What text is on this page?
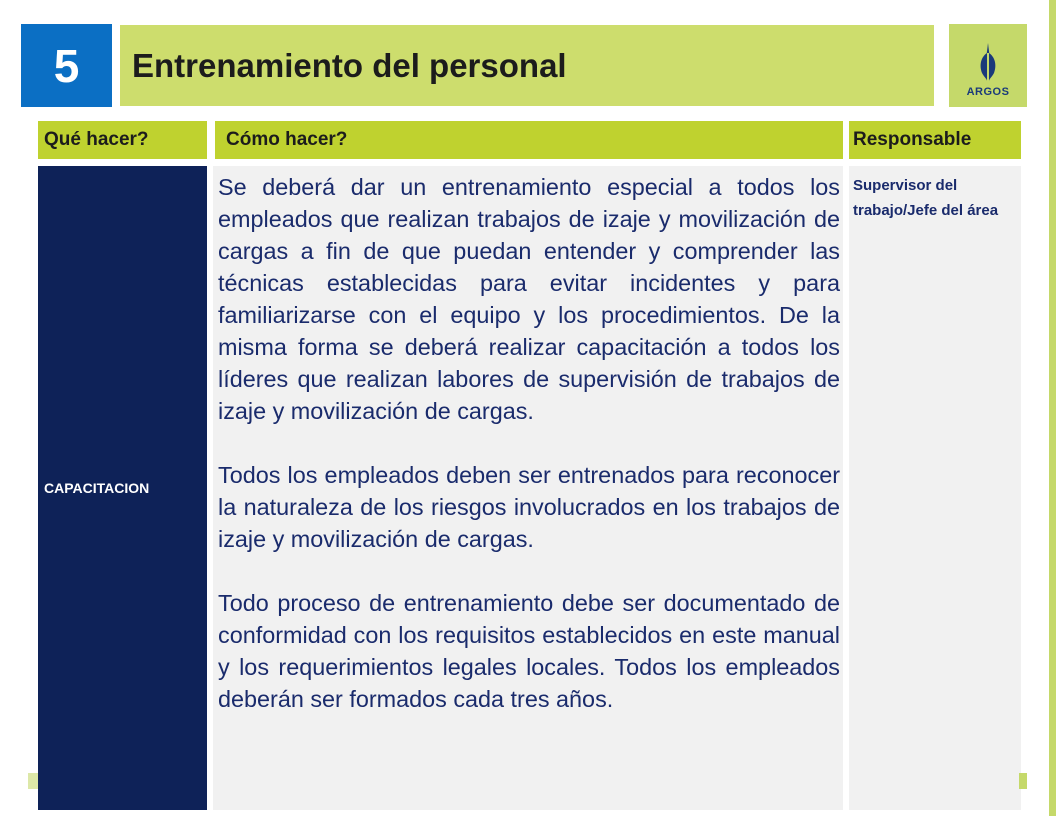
5 Entrenamiento del personal
ARGOS
Qué hacer?	Cómo hacer?	Responsable
CAPACITACION

Se deberá dar un entrenamiento especial a todos los empleados que realizan trabajos de izaje y movilización de cargas a fin de que puedan entender y comprender las técnicas establecidas para evitar incidentes y para familiarizarse con el equipo y los procedimientos. De la misma forma se deberá realizar capacitación a todos los líderes que realizan labores de supervisión de trabajos de izaje y movilización de cargas.

Todos los empleados deben ser entrenados para reconocer la naturaleza de los riesgos involucrados en los trabajos de izaje y movilización de cargas.

Todo proceso de entrenamiento debe ser documentado de conformidad con los requisitos establecidos en este manual y los requerimientos legales locales. Todos los empleados deberán ser formados cada tres años.

Supervisor del trabajo/Jefe del área
